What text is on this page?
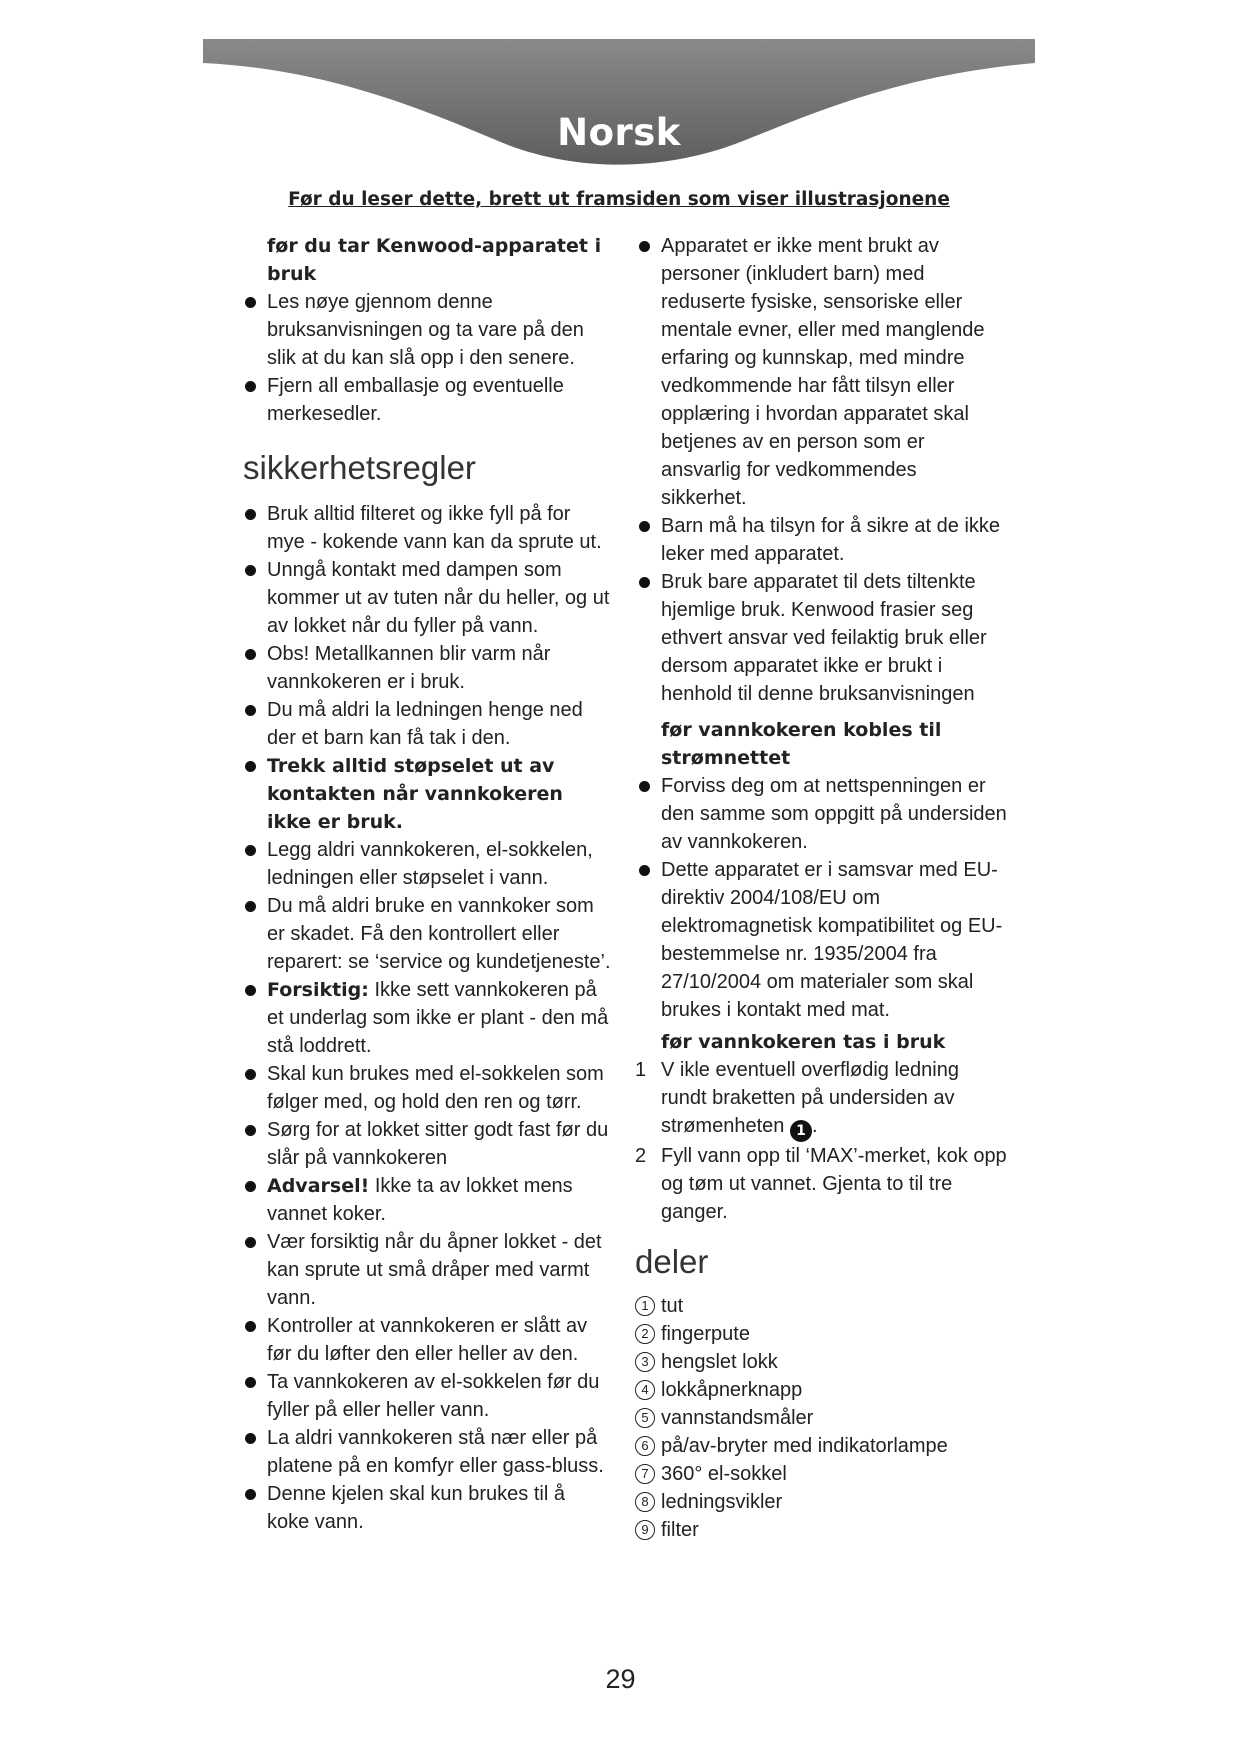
Norsk
Før du leser dette, brett ut framsiden som viser illustrasjonene

før du tar Kenwood-apparatet i bruk

Les nøye gjennom denne bruksanvisningen og ta vare på den slik at du kan slå opp i den senere.

Fjern all emballasje og eventuelle merkesedler.

sikkerhetsregler

Bruk alltid filteret og ikke fyll på for mye - kokende vann kan da sprute ut.

Unngå kontakt med dampen som kommer ut av tuten når du heller, og ut av lokket når du fyller på vann.

Obs! Metallkannen blir varm når vannkokeren er i bruk.

Du må aldri la ledningen henge ned der et barn kan få tak i den.

Trekk alltid støpselet ut av kontakten når vannkokeren ikke er bruk.

Legg aldri vannkokeren, el-sokkelen, ledningen eller støpselet i vann.

Du må aldri bruke en vannkoker som er skadet. Få den kontrollert eller reparert: se ‘service og kundetjeneste’.

Forsiktig: Ikke sett vannkokeren på et underlag som ikke er plant - den må stå loddrett.

Skal kun brukes med el-sokkelen som følger med, og hold den ren og tørr.

Sørg for at lokket sitter godt fast før du slår på vannkokeren

Advarsel! Ikke ta av lokket mens vannet koker.

Vær forsiktig når du åpner lokket - det kan sprute ut små dråper med varmt vann.

Kontroller at vannkokeren er slått av før du løfter den eller heller av den.

Ta vannkokeren av el-sokkelen før du fyller på eller heller vann.

La aldri vannkokeren stå nær eller på platene på en komfyr eller gass-bluss.

Denne kjelen skal kun brukes til å koke vann.

Apparatet er ikke ment brukt av personer (inkludert barn) med reduserte fysiske, sensoriske eller mentale evner, eller med manglende erfaring og kunnskap, med mindre vedkommende har fått tilsyn eller opplæring i hvordan apparatet skal betjenes av en person som er ansvarlig for vedkommendes sikkerhet.

Barn må ha tilsyn for å sikre at de ikke leker med apparatet.

Bruk bare apparatet til dets tiltenkte hjemlige bruk. Kenwood frasier seg ethvert ansvar ved feilaktig bruk eller dersom apparatet ikke er brukt i henhold til denne bruksanvisningen

før vannkokeren kobles til strømnettet

Forviss deg om at nettspenningen er den samme som oppgitt på undersiden av vannkokeren.

Dette apparatet er i samsvar med EU-direktiv 2004/108/EU om elektromagnetisk kompatibilitet og EU-bestemmelse nr. 1935/2004 fra 27/10/2004 om materialer som skal brukes i kontakt med mat.

før vannkokeren tas i bruk

1 V ikle eventuell overflødig ledning rundt braketten på undersiden av strømenheten 1 .

2 Fyll vann opp til ‘MAX’-merket, kok opp og tøm ut vannet. Gjenta to til tre ganger.

deler
1 tut
2 fingerpute
3 hengslet lokk
4 lokkåpnerknapp
5 vannstandsmåler
6 på/av-bryter med indikatorlampe
7 360° el-sokkel
8 ledningsvikler
9 filter
29
